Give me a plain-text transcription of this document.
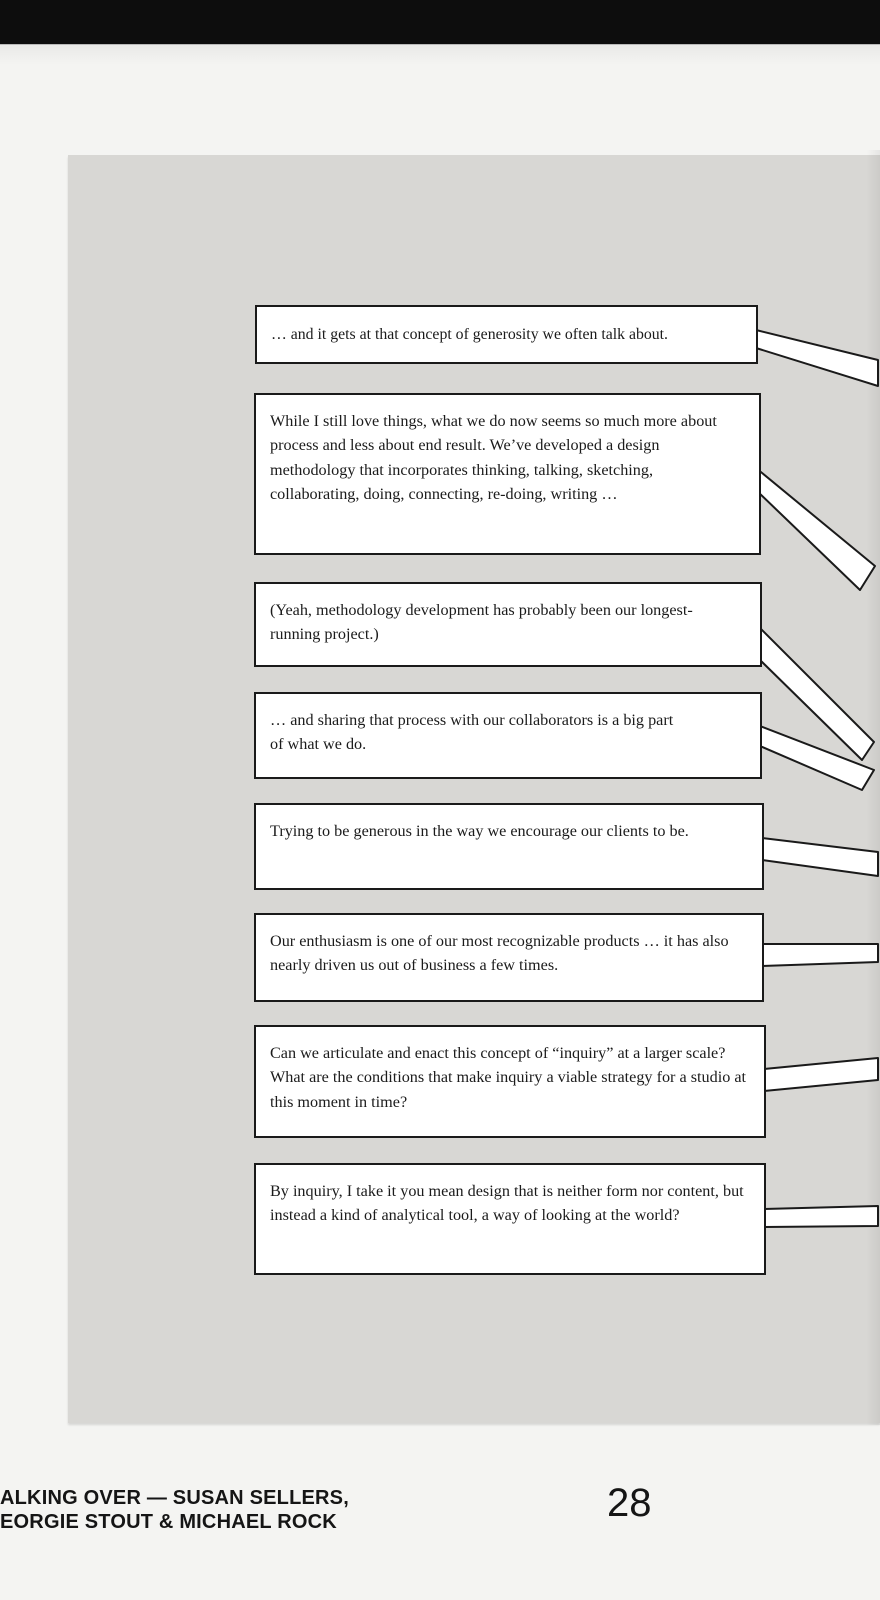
… and it gets at that concept of generosity we often talk about.
While I still love things, what we do now seems so much more about process and less about end result. We’ve developed a design methodology that incorporates thinking, talking, sketching, collaborating, doing, connecting, re-doing, writing …
(Yeah, methodology development has probably been our longest-running project.)
… and sharing that process with our collaborators is a big part of what we do.
Trying to be generous in the way we encourage our clients to be.
Our enthusiasm is one of our most recognizable products … it has also nearly driven us out of business a few times.
Can we articulate and enact this concept of “inquiry” at a larger scale? What are the conditions that make inquiry a viable strategy for a studio at this moment in time?
By inquiry, I take it you mean design that is neither form nor content, but instead a kind of analytical tool, a way of looking at the world?
ALKING OVER — SUSAN SELLERS,
EORGIE STOUT & MICHAEL ROCK	28
